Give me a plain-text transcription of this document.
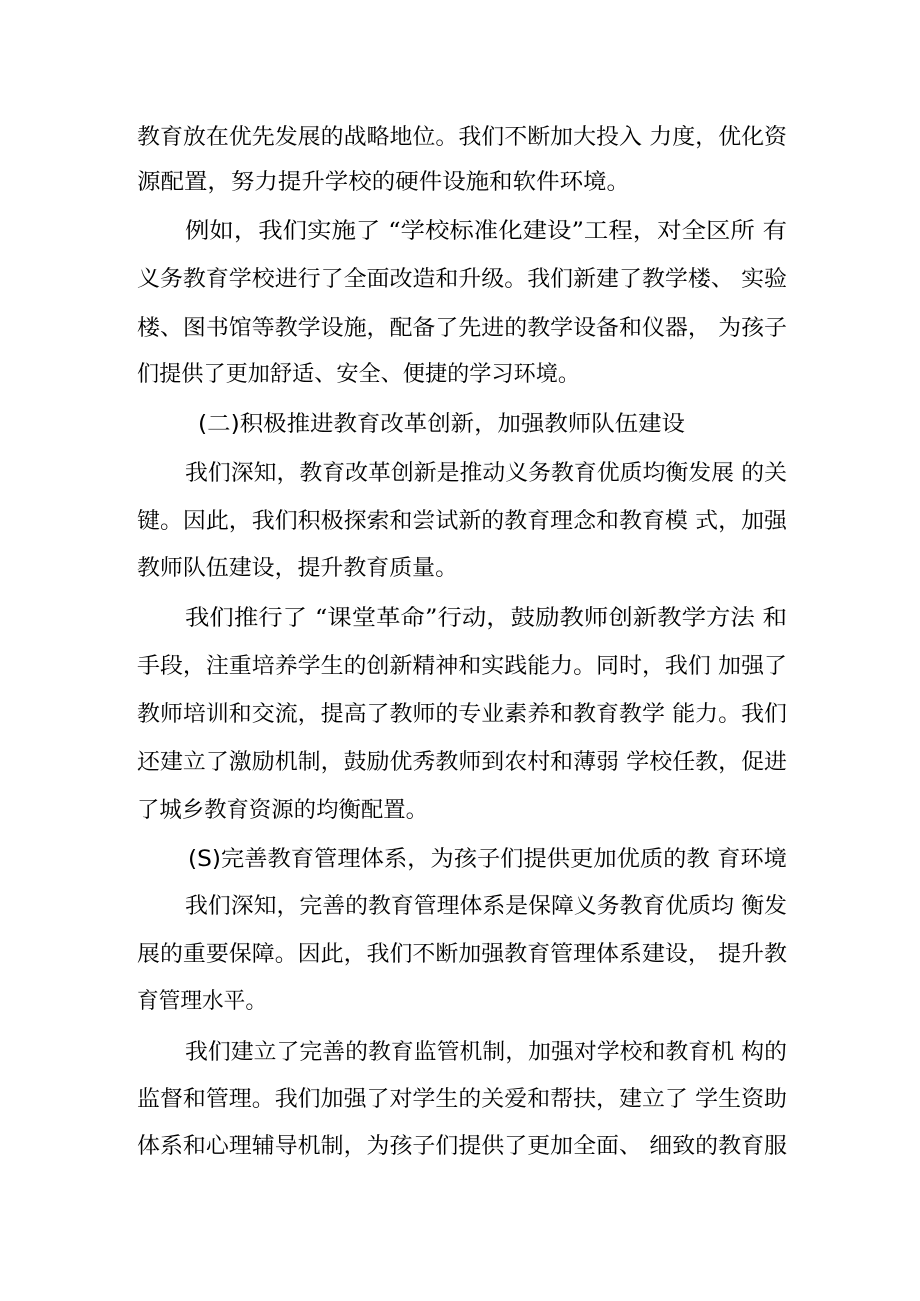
教育放在优先发展的战略地位。我们不断加大投入 力度，优化资
源配置，努力提升学校的硬件设施和软件环境。
例如，我们实施了 “学校标准化建设”工程，对全区所 有
义务教育学校进行了全面改造和升级。我们新建了教学楼、 实验
楼、图书馆等教学设施，配备了先进的教学设备和仪器， 为孩子
们提供了更加舒适、安全、便捷的学习环境。
(二)积极推进教育改革创新，加强教师队伍建设
我们深知，教育改革创新是推动义务教育优质均衡发展 的关
键。因此，我们积极探索和尝试新的教育理念和教育模 式，加强
教师队伍建设，提升教育质量。
我们推行了 “课堂革命”行动，鼓励教师创新教学方法 和
手段，注重培养学生的创新精神和实践能力。同时，我们 加强了
教师培训和交流，提高了教师的专业素养和教育教学 能力。我们
还建立了激励机制，鼓励优秀教师到农村和薄弱 学校任教，促进
了城乡教育资源的均衡配置。
(S)完善教育管理体系，为孩子们提供更加优质的教 育环境
我们深知，完善的教育管理体系是保障义务教育优质均 衡发
展的重要保障。因此，我们不断加强教育管理体系建设， 提升教
育管理水平。
我们建立了完善的教育监管机制，加强对学校和教育机 构的
监督和管理。我们加强了对学生的关爱和帮扶，建立了 学生资助
体系和心理辅导机制，为孩子们提供了更加全面、 细致的教育服
